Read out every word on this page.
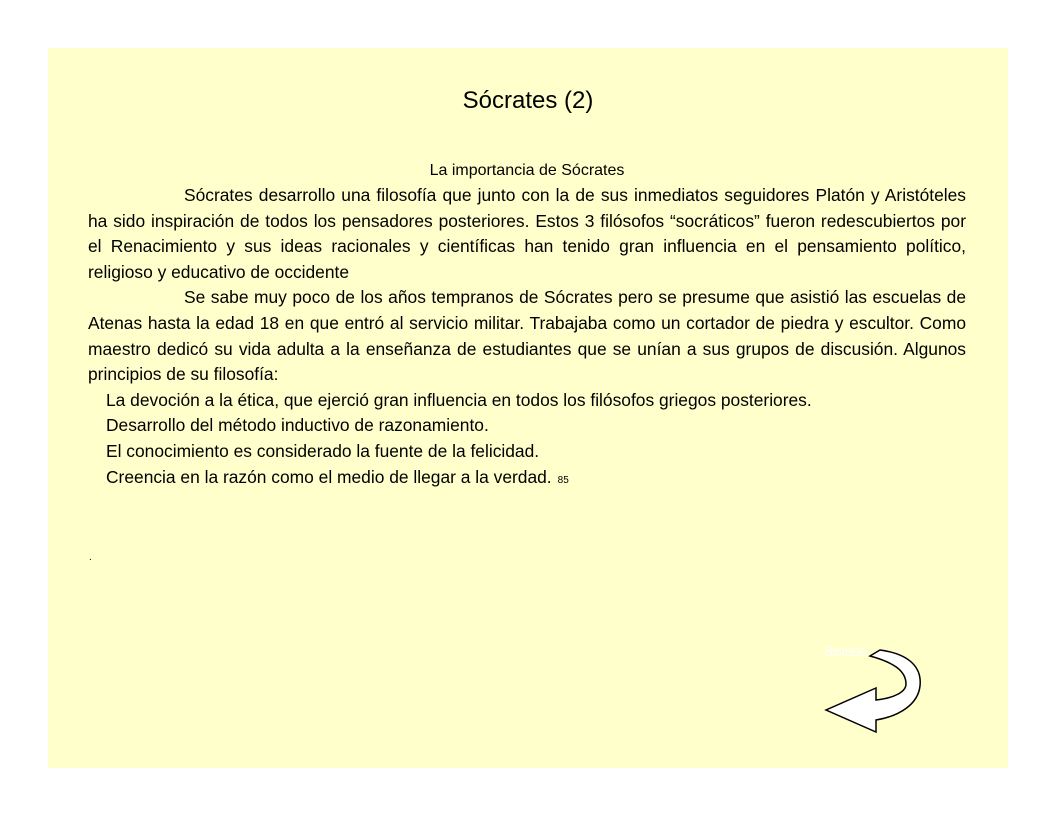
Sócrates (2)
La importancia de Sócrates

Sócrates desarrollo una filosofía que junto con la de sus inmediatos seguidores Platón y Aristóteles ha sido inspiración de todos los pensadores posteriores. Estos 3 filósofos “socráticos” fueron redescubiertos por el Renacimiento y sus ideas racionales y científicas han tenido gran influencia en el pensamiento político, religioso y educativo de occidente

Se sabe muy poco de los años tempranos de Sócrates pero se presume que asistió las escuelas de Atenas hasta la edad 18 en que entró al servicio militar. Trabajaba como un cortador de piedra y escultor. Como maestro dedicó su vida adulta a la enseñanza de estudiantes que se unían a sus grupos de discusión. Algunos principios de su filosofía:

La devoción a la ética, que ejerció gran influencia en todos los filósofos griegos posteriores.

Desarrollo del método inductivo de razonamiento.

El conocimiento es considerado la fuente de la felicidad.

Creencia en la razón como el medio de llegar a la verdad. 85

.
Regreso
